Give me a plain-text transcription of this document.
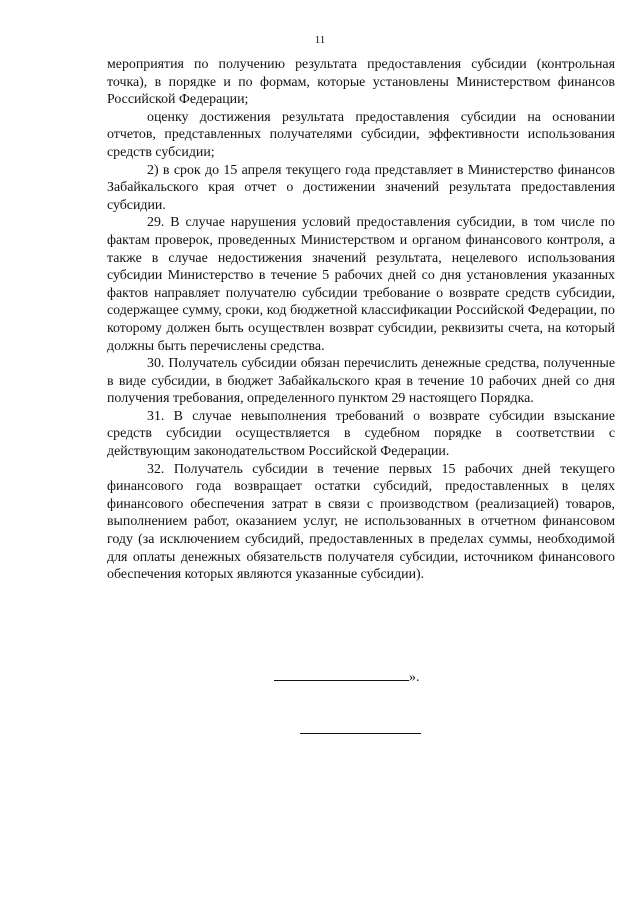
11

мероприятия по получению результата предоставления субсидии (контрольная точка), в порядке и по формам, которые установлены Министерством финансов Российской Федерации;

оценку достижения результата предоставления субсидии на основании отчетов, представленных получателями субсидии, эффективности использования средств субсидии;

2) в срок до 15 апреля текущего года представляет в Министерство финансов Забайкальского края отчет о достижении значений результата предоставления субсидии.

29. В случае нарушения условий предоставления субсидии, в том числе по фактам проверок, проведенных Министерством и органом финансового контроля, а также в случае недостижения значений результата, нецелевого использования субсидии Министерство в течение 5 рабочих дней со дня установления указанных фактов направляет получателю субсидии требование о возврате средств субсидии, содержащее сумму, сроки, код бюджетной классификации Российской Федерации, по которому должен быть осуществлен возврат субсидии, реквизиты счета, на который должны быть перечислены средства.

30. Получатель субсидии обязан перечислить денежные средства, полученные в виде субсидии, в бюджет Забайкальского края в течение 10 рабочих дней со дня получения требования, определенного пунктом 29 настоящего Порядка.

31. В случае невыполнения требований о возврате субсидии взыскание средств субсидии осуществляется в судебном порядке в соответствии с действующим законодательством Российской Федерации.

32. Получатель субсидии в течение первых 15 рабочих дней текущего финансового года возвращает остатки субсидий, предоставленных в целях финансового обеспечения затрат в связи с производством (реализацией) товаров, выполнением работ, оказанием услуг, не использованных в отчетном финансовом году (за исключением субсидий, предоставленных в пределах суммы, необходимой для оплаты денежных обязательств получателя субсидии, источником финансового обеспечения которых являются указанные субсидии).

».
